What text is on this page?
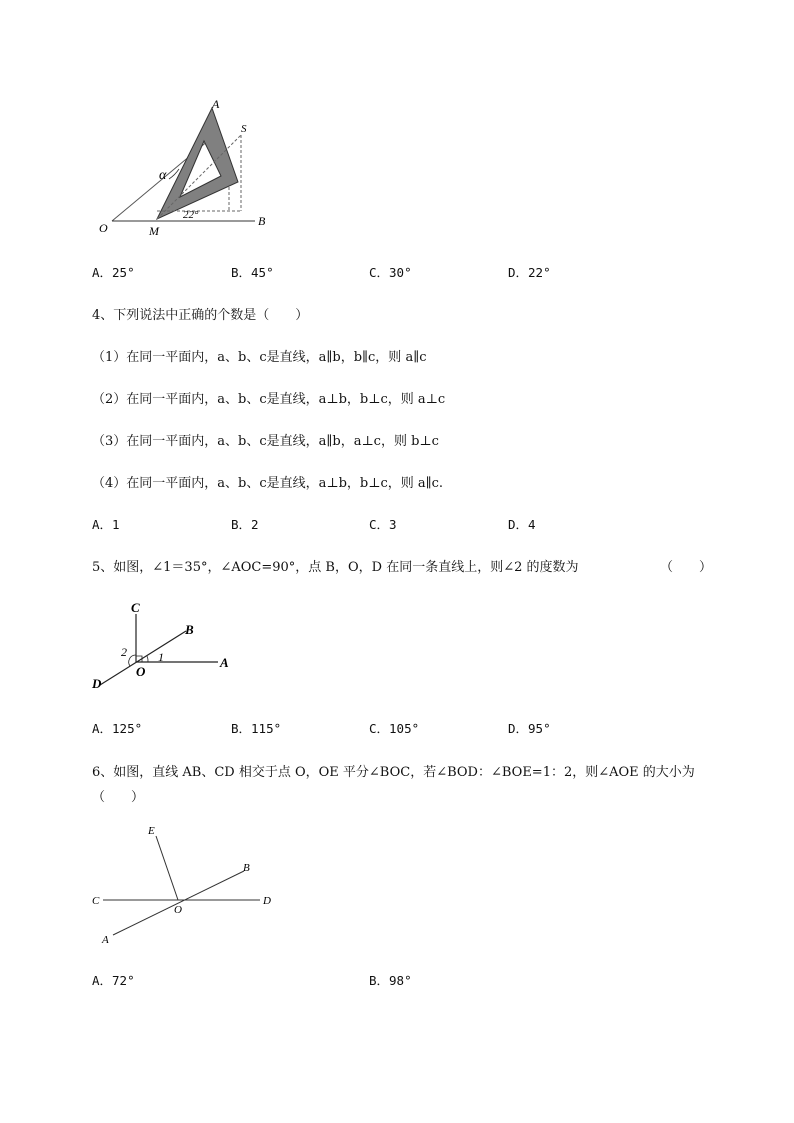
A
S
α
22°
O	M
B
A．25°	B．45°	C．30°	D．22°
4、下列说法中正确的个数是（　　）
（1）在同一平面内，a、b、c是直线，a∥b，b∥c，则 a∥c
（2）在同一平面内，a、b、c是直线，a⊥b，b⊥c，则 a⊥c
（3）在同一平面内，a、b、c是直线，a∥b，a⊥c，则 b⊥c
（4）在同一平面内，a、b、c是直线，a⊥b，b⊥c，则 a∥c.
A．1	B．2	C．3	D．4
5、如图，∠1＝35°，∠AOC=90°，点 B，O，D 在同一条直线上，则∠2 的度数为	（　　）
C
B
A
D
O
1
2
A．125°	B．115°	C．105°	D．95°
6、如图，直线 AB、CD 相交于点 O，OE 平分∠BOC，若∠BOD：∠BOE=1：2，则∠AOE 的大小为
（　　）
E
B
C
O
D
A
A．72°	B．98°
